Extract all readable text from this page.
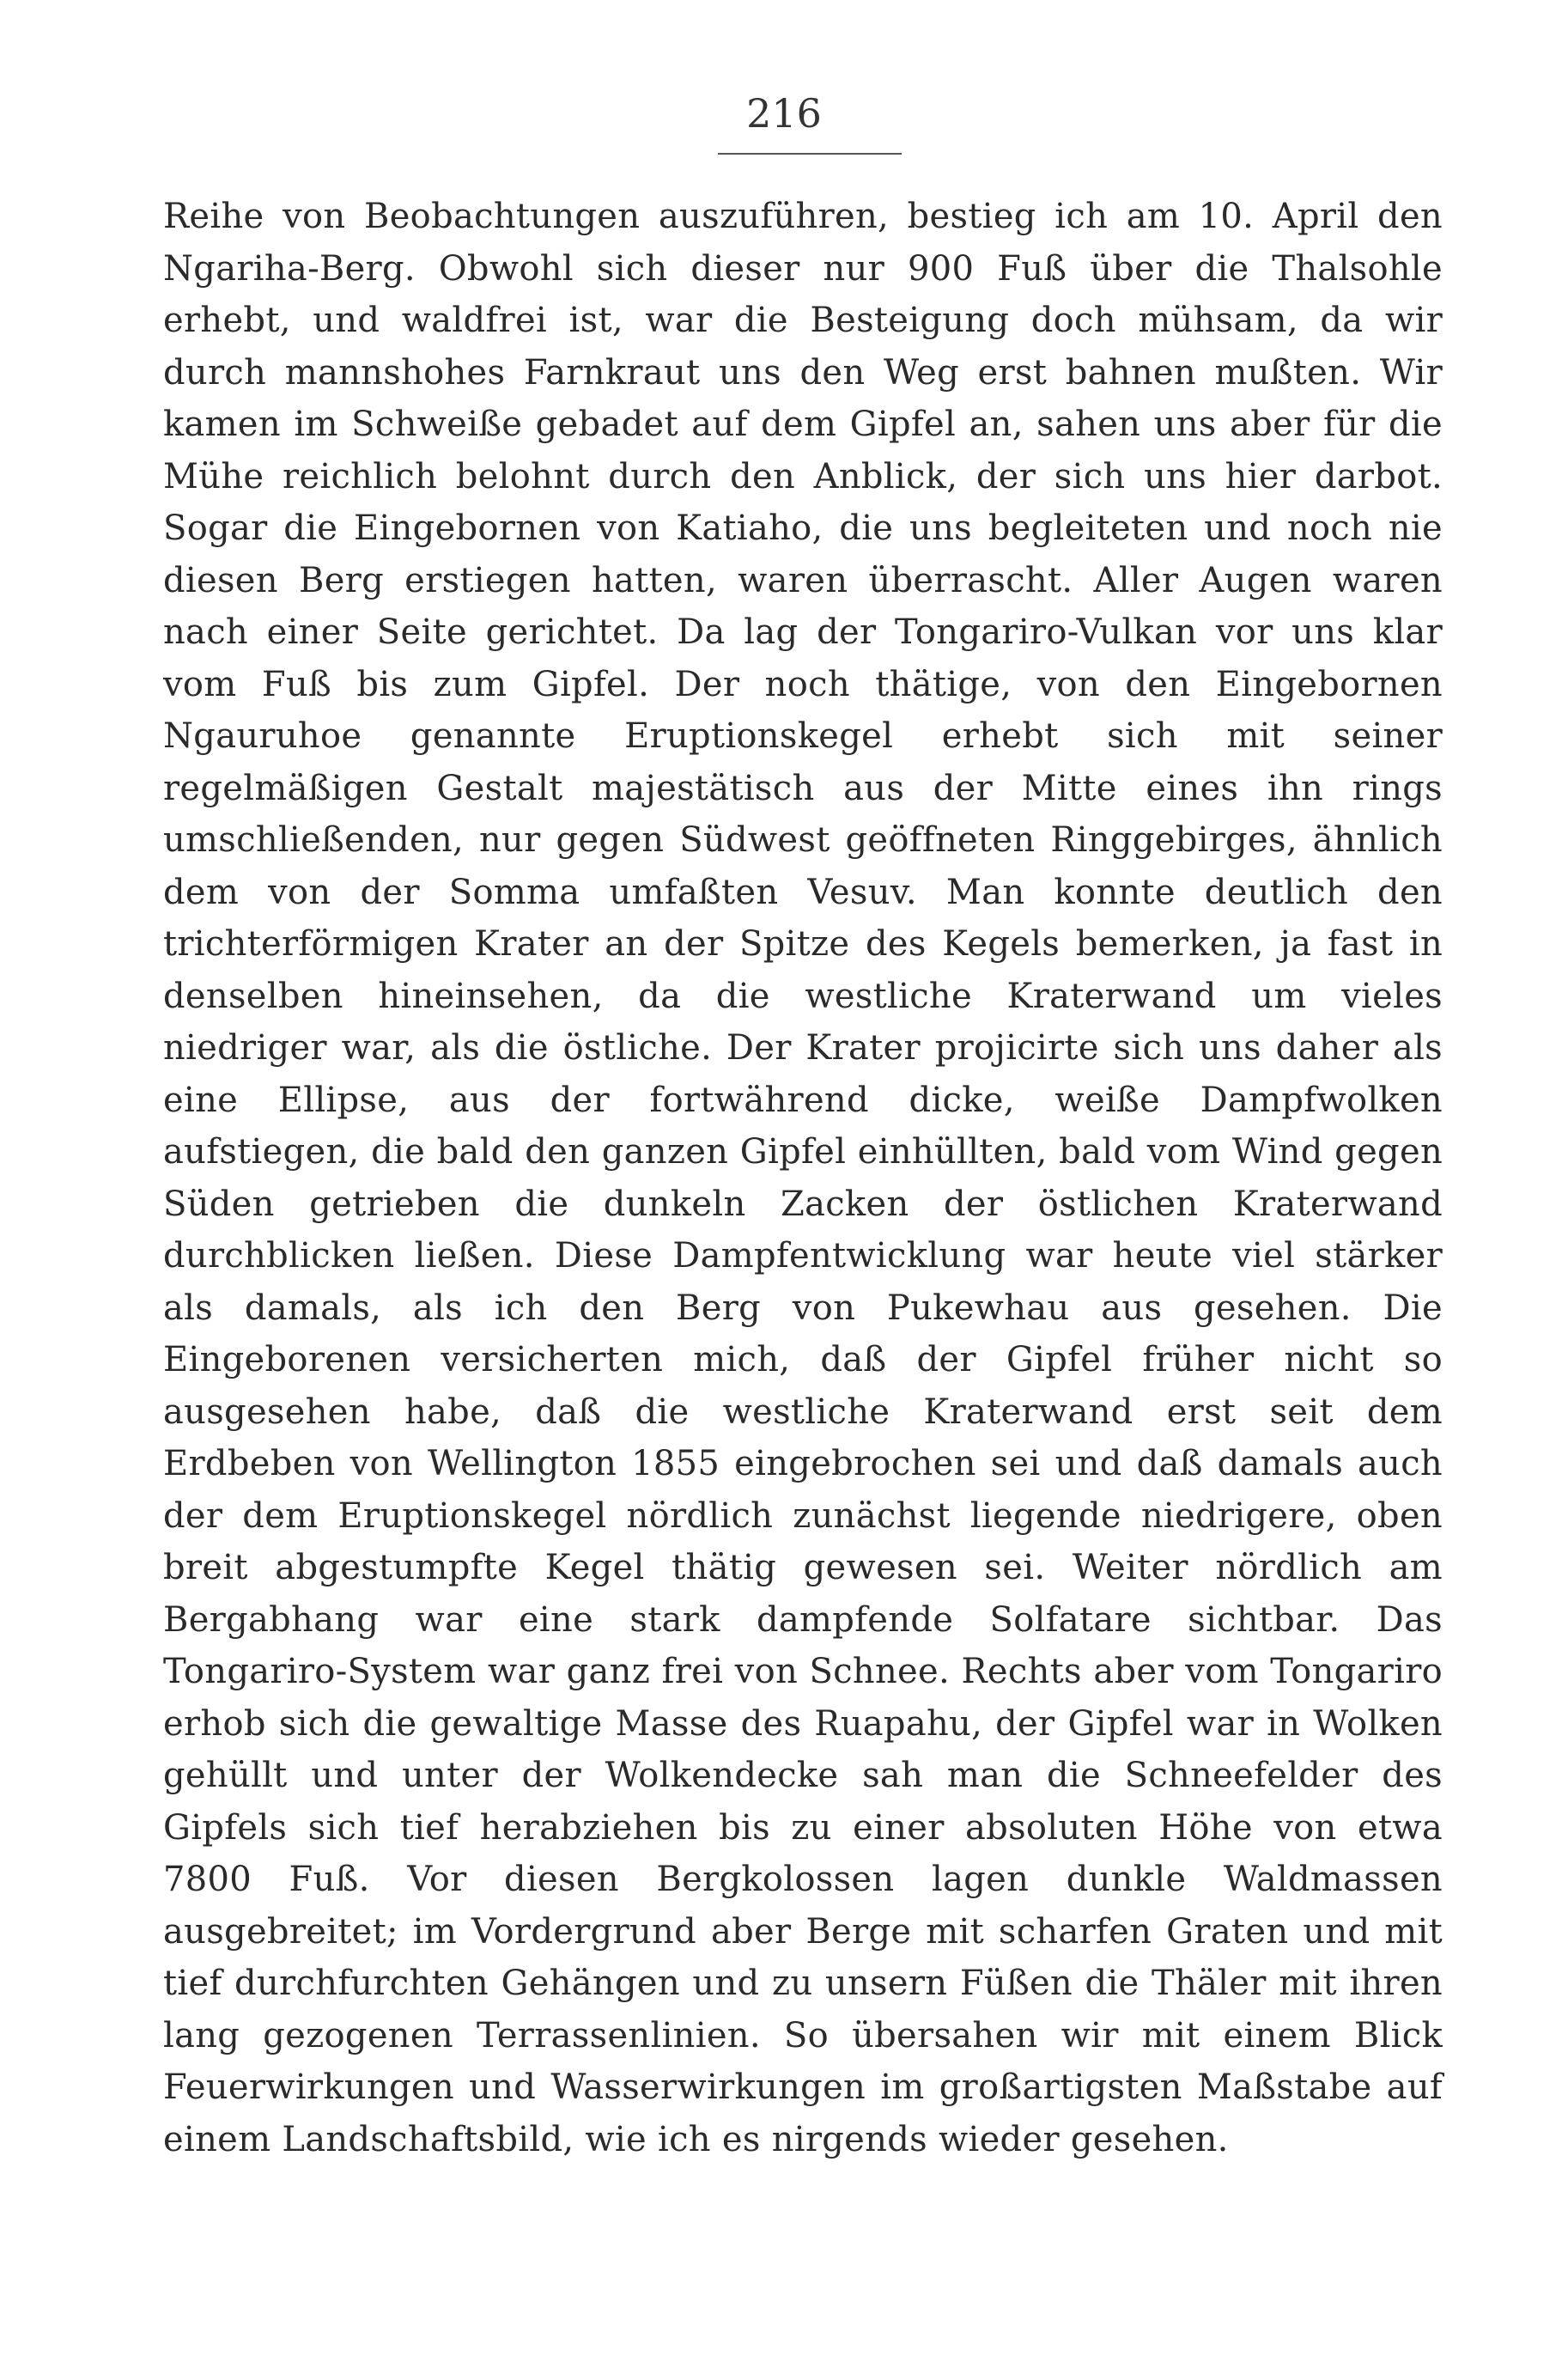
216

Reihe von Beobachtungen auszuführen, bestieg ich am 10. April den Ngariha-Berg. Obwohl sich dieser nur 900 Fuß über die Thalsohle erhebt, und waldfrei ist, war die Besteigung doch mühsam, da wir durch mannshohes Farnkraut uns den Weg erst bahnen mußten. Wir kamen im Schweiße gebadet auf dem Gipfel an, sahen uns aber für die Mühe reichlich belohnt durch den Anblick, der sich uns hier darbot. Sogar die Eingebornen von Katiaho, die uns begleiteten und noch nie diesen Berg erstiegen hatten, waren überrascht. Aller Augen waren nach einer Seite gerichtet. Da lag der Tongariro-Vulkan vor uns klar vom Fuß bis zum Gipfel. Der noch thätige, von den Eingebornen Ngauruhoe genannte Eruptionskegel erhebt sich mit seiner regelmäßigen Gestalt majestätisch aus der Mitte eines ihn rings umschließenden, nur gegen Südwest geöffneten Ringgebirges, ähnlich dem von der Somma umfaßten Vesuv. Man konnte deutlich den trichterförmigen Krater an der Spitze des Kegels bemerken, ja fast in denselben hineinsehen, da die westliche Kraterwand um vieles niedriger war, als die östliche. Der Krater projicirte sich uns daher als eine Ellipse, aus der fortwährend dicke, weiße Dampfwolken aufstiegen, die bald den ganzen Gipfel einhüllten, bald vom Wind gegen Süden getrieben die dunkeln Zacken der östlichen Kraterwand durchblicken ließen. Diese Dampfentwicklung war heute viel stärker als damals, als ich den Berg von Pukewhau aus gesehen. Die Eingeborenen versicherten mich, daß der Gipfel früher nicht so ausgesehen habe, daß die westliche Kraterwand erst seit dem Erdbeben von Wellington 1855 eingebrochen sei und daß damals auch der dem Eruptionskegel nördlich zunächst liegende niedrigere, oben breit abgestumpfte Kegel thätig gewesen sei. Weiter nördlich am Bergabhang war eine stark dampfende Solfatare sichtbar. Das Tongariro-System war ganz frei von Schnee. Rechts aber vom Tongariro erhob sich die gewaltige Masse des Ruapahu, der Gipfel war in Wolken gehüllt und unter der Wolkendecke sah man die Schneefelder des Gipfels sich tief herabziehen bis zu einer absoluten Höhe von etwa 7800 Fuß. Vor diesen Bergkolossen lagen dunkle Waldmassen ausgebreitet; im Vordergrund aber Berge mit scharfen Graten und mit tief durchfurchten Gehängen und zu unsern Füßen die Thäler mit ihren lang gezogenen Terrassenlinien. So übersahen wir mit einem Blick Feuerwirkungen und Wasserwirkungen im großartigsten Maßstabe auf einem Landschaftsbild, wie ich es nirgends wieder gesehen.
